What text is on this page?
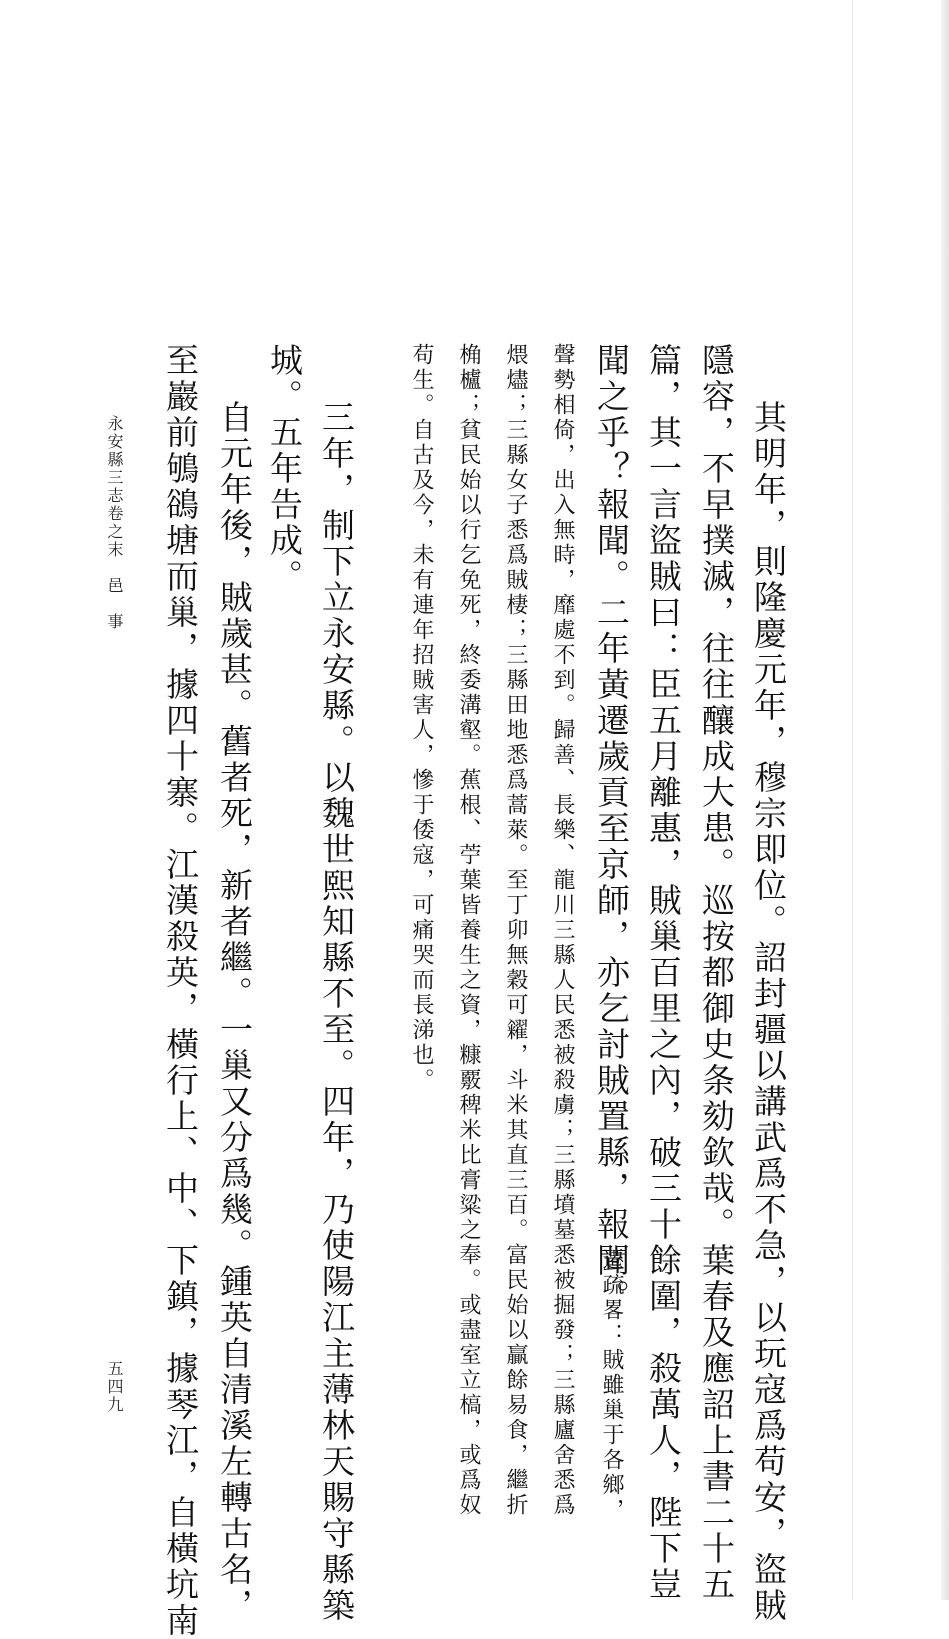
其明年，則隆慶元年，穆宗即位。詔封疆以講武爲不急，以玩寇爲苟安，盜賊
隱容，不早撲滅，往往釀成大患。巡按都御史条劾欽哉。葉春及應詔上書二十五
篇，其一言盜賊曰：臣五月離惠，賊巢百里之內，破三十餘圍，殺萬人，陛下豈
聞之乎？報聞。二年黃遷歲貢至京師，亦乞討賊置縣，報聞。
遷疏畧：賊雖巢于各鄉，
聲勢相倚，出入無時，靡處不到。歸善、長樂、龍川三縣人民悉被殺虜；三縣墳墓悉被掘發；三縣廬舍悉爲
煨燼；三縣女子悉爲賊棲；三縣田地悉爲蒿萊。至丁卯無穀可糴，斗米其直三百。富民始以贏餘易食，繼折
桷櫨；貧民始以行乞免死，終委溝壑。蕉根、苧葉皆養生之資，糠覈稗米比膏粱之奉。或盡室立槁，或爲奴
苟生。自古及今，未有連年招賊害人，慘于倭寇，可痛哭而長涕也。
三年，制下立永安縣。以魏世熙知縣不至。四年，乃使陽江主薄林天賜守縣築
城。五年告成。
自元年後，賊歲甚。舊者死，新者繼。一巢又分爲幾。鍾英自清溪左轉古名，
至巖前鴝鵒塘而巢，據四十寨。江漢殺英，橫行上、中、下鎮，據琴江，自橫坑南
永安縣三志卷之末　邑　事
五四九
